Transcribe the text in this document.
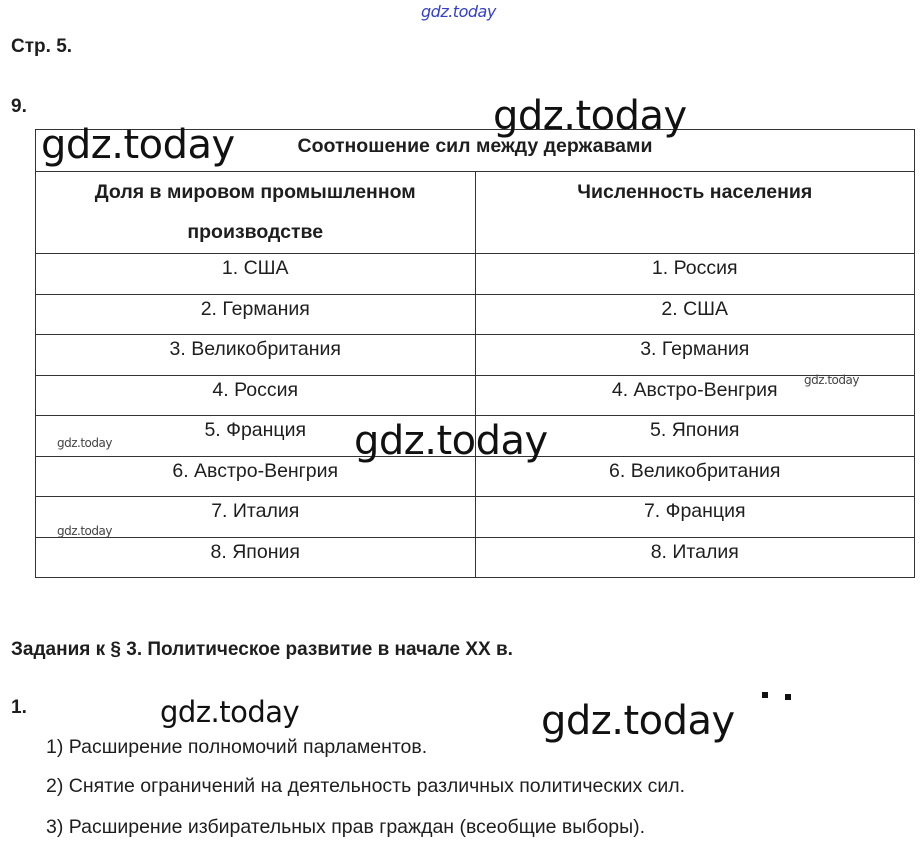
gdz.today
Стр. 5.
9.
Соотношение сил между державами	
Доля в мировом промышленном производстве	Численность населения
1. США	1. Россия
2. Германия	2. США
3. Великобритания	3. Германия
4. Россия	4. Австро-Венгрия
5. Франция	5. Япония
6. Австро-Венгрия	6. Великобритания
7. Италия	7. Франция
8. Япония	8. Италия
Задания к § 3. Политическое развитие в начале XX в.
1.
1) Расширение полномочий парламентов.
2) Снятие ограничений на деятельность различных политических сил.
3) Расширение избирательных прав граждан (всеобщие выборы).
gdz.today
gdz.today
gdz.today
gdz.today
gdz.today
gdz.today
gdz.today	gdz.today
